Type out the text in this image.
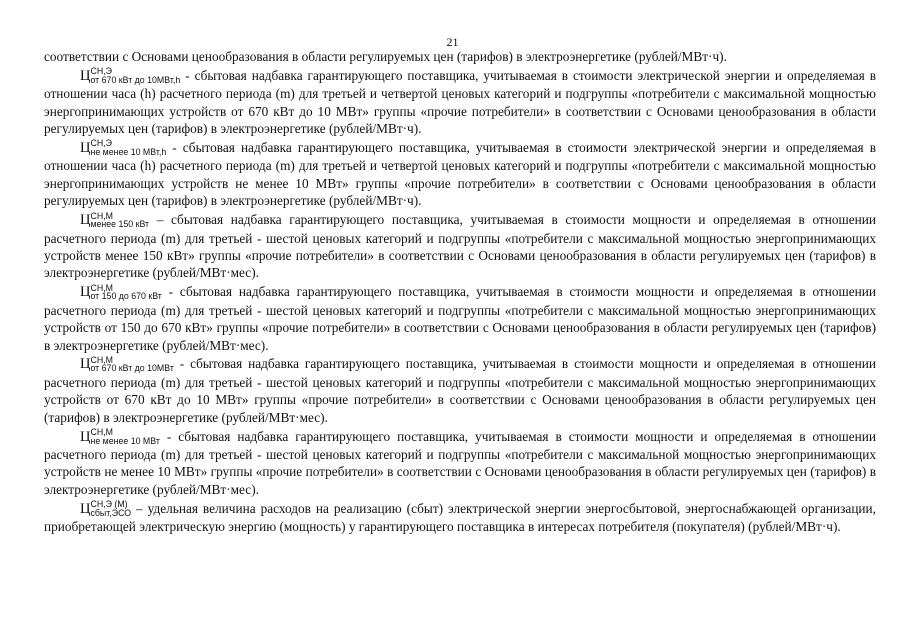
21

соответствии с Основами ценообразования в области регулируемых цен (тарифов) в электроэнергетике (рублей/МВт·ч).

Ц СН,Э
от 670 кВт до 10МВт,h - сбытовая надбавка гарантирующего поставщика, учитываемая в стоимости электрической энергии и определяемая в отношении часа (h) расчетного периода (m) для третьей и четвертой ценовых категорий и подгруппы «потребители с максимальной мощностью энергопринимающих устройств от 670 кВт до 10 МВт» группы «прочие потребители» в соответствии с Основами ценообразования в области регулируемых цен (тарифов) в электроэнергетике (рублей/МВт·ч).

Ц СН,Э
не менее 10 МВт,h - сбытовая надбавка гарантирующего поставщика, учитываемая в стоимости электрической энергии и определяемая в отношении часа (h) расчетного периода (m) для третьей и четвертой ценовых категорий и подгруппы «потребители с максимальной мощностью энергопринимающих устройств не менее 10 МВт» группы «прочие потребители» в соответствии с Основами ценообразования в области регулируемых цен (тарифов) в электроэнергетике (рублей/МВт·ч).

Ц СН,М
менее 150 кВт – сбытовая надбавка гарантирующего поставщика, учитываемая в стоимости мощности и определяемая в отношении расчетного периода (m) для третьей - шестой ценовых категорий и подгруппы «потребители с максимальной мощностью энергопринимающих устройств менее 150 кВт» группы «прочие потребители» в соответствии с Основами ценообразования в области регулируемых цен (тарифов) в электроэнергетике (рублей/МВт·мес).

Ц СН,М
от 150 до 670 кВт - сбытовая надбавка гарантирующего поставщика, учитываемая в стоимости мощности и определяемая в отношении расчетного периода (m) для третьей - шестой ценовых категорий и подгруппы «потребители с максимальной мощностью энергопринимающих устройств от 150 до 670 кВт» группы «прочие потребители» в соответствии с Основами ценообразования в области регулируемых цен (тарифов) в электроэнергетике (рублей/МВт·мес).

Ц СН,М
от 670 кВт до 10МВт - сбытовая надбавка гарантирующего поставщика, учитываемая в стоимости мощности и определяемая в отношении расчетного периода (m) для третьей - шестой ценовых категорий и подгруппы «потребители с максимальной мощностью энергопринимающих устройств от 670 кВт до 10 МВт» группы «прочие потребители» в соответствии с Основами ценообразования в области регулируемых цен (тарифов) в электроэнергетике (рублей/МВт·мес).

Ц СН,М
не менее 10 МВт - сбытовая надбавка гарантирующего поставщика, учитываемая в стоимости мощности и определяемая в отношении расчетного периода (m) для третьей - шестой ценовых категорий и подгруппы «потребители с максимальной мощностью энергопринимающих устройств не менее 10 МВт» группы «прочие потребители» в соответствии с Основами ценообразования в области регулируемых цен (тарифов) в электроэнергетике (рублей/МВт·мес).

Ц СН,Э (М)
сбыт,ЭСО – удельная величина расходов на реализацию (сбыт) электрической энергии энергосбытовой, энергоснабжающей организации, приобретающей электрическую энергию (мощность) у гарантирующего поставщика в интересах потребителя (покупателя) (рублей/МВт·ч).
